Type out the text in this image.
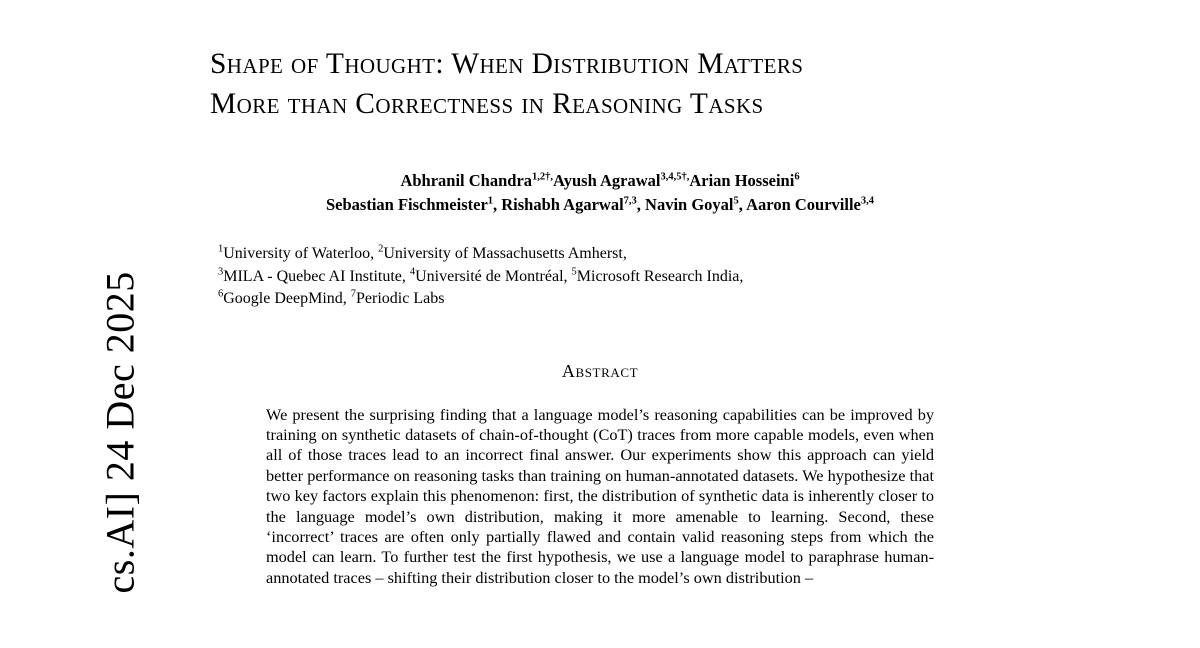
cs.AI] 24 Dec 2025
Shape of Thought: When Distribution Matters
More than Correctness in Reasoning Tasks
Abhranil Chandra$^{1,2\dagger,}$Ayush Agrawal$^{3,4,5\dagger,}$Arian Hosseini$^6$
Sebastian Fischmeister$^1$, Rishabh Agarwal$^{7,3}$, Navin Goyal$^5$, Aaron Courville$^{3,4}$
$^1$University of Waterloo, $^2$University of Massachusetts Amherst,
$^3$MILA - Quebec AI Institute, $^4$Université de Montréal, $^5$Microsoft Research India,
$^6$Google DeepMind, $^7$Periodic Labs
Abstract

We present the surprising finding that a language model’s reasoning capabilities can be improved by training on synthetic datasets of chain-of-thought (CoT) traces from more capable models, even when all of those traces lead to an incorrect final answer. Our experiments show this approach can yield better performance on reasoning tasks than training on human-annotated datasets. We hypothesize that two key factors explain this phenomenon: first, the distribution of synthetic data is inherently closer to the language model’s own distribution, making it more amenable to learning. Second, these ‘incorrect’ traces are often only partially flawed and contain valid reasoning steps from which the model can learn. To further test the first hypothesis, we use a language model to paraphrase human-annotated traces – shifting their distribution closer to the model’s own distribution –
